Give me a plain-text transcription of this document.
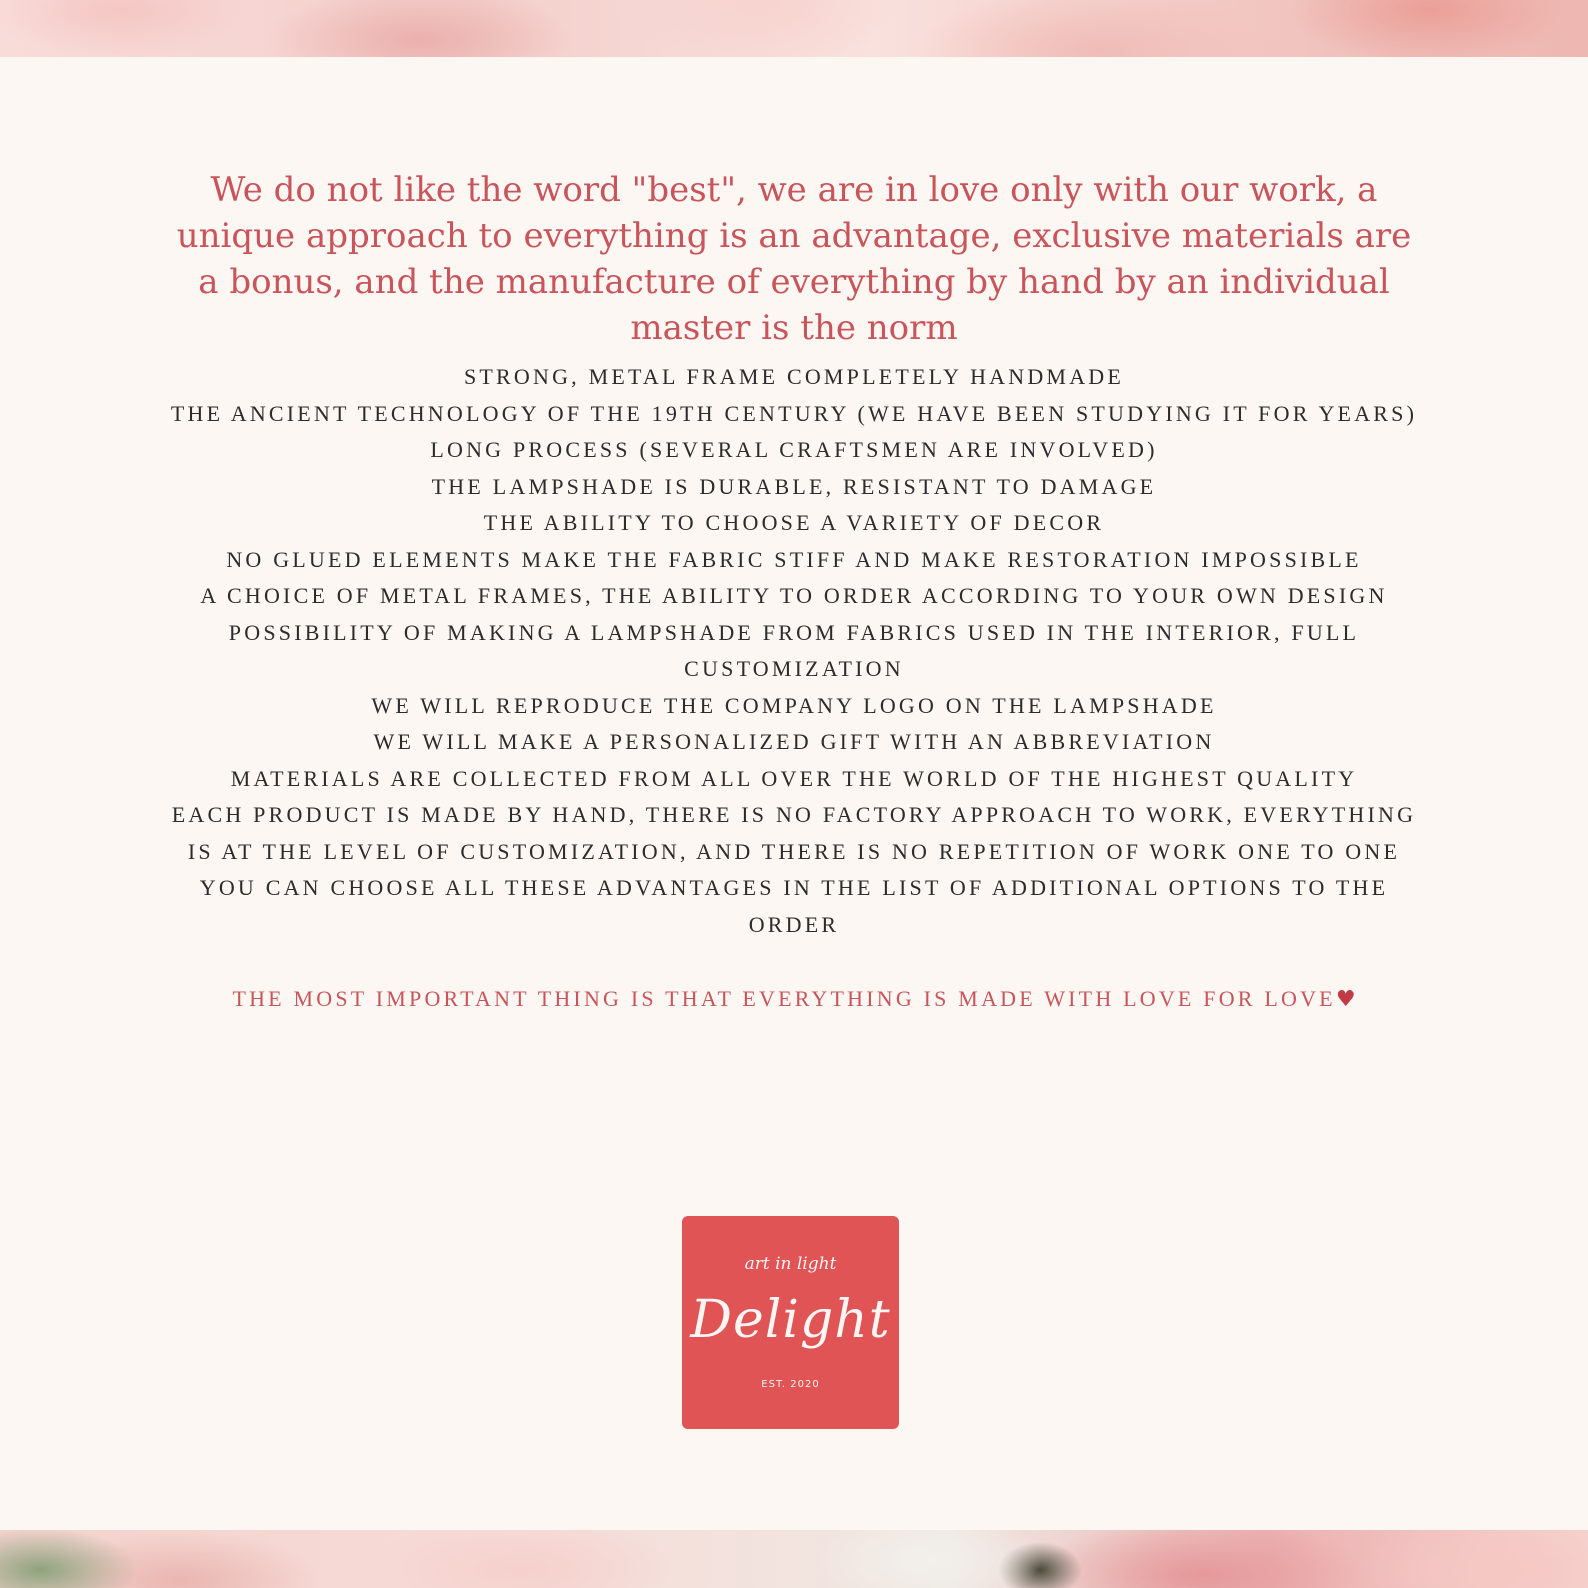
We do not like the word "best", we are in love only with our work, a unique approach to everything is an advantage, exclusive materials are a bonus, and the manufacture of everything by hand by an individual master is the norm
STRONG, METAL FRAME COMPLETELY HANDMADE
THE ANCIENT TECHNOLOGY OF THE 19TH CENTURY (WE HAVE BEEN STUDYING IT FOR YEARS)
LONG PROCESS (SEVERAL CRAFTSMEN ARE INVOLVED)
THE LAMPSHADE IS DURABLE, RESISTANT TO DAMAGE
THE ABILITY TO CHOOSE A VARIETY OF DECOR
NO GLUED ELEMENTS MAKE THE FABRIC STIFF AND MAKE RESTORATION IMPOSSIBLE
A CHOICE OF METAL FRAMES, THE ABILITY TO ORDER ACCORDING TO YOUR OWN DESIGN
POSSIBILITY OF MAKING A LAMPSHADE FROM FABRICS USED IN THE INTERIOR, FULL CUSTOMIZATION
WE WILL REPRODUCE THE COMPANY LOGO ON THE LAMPSHADE
WE WILL MAKE A PERSONALIZED GIFT WITH AN ABBREVIATION
MATERIALS ARE COLLECTED FROM ALL OVER THE WORLD OF THE HIGHEST QUALITY
EACH PRODUCT IS MADE BY HAND, THERE IS NO FACTORY APPROACH TO WORK, EVERYTHING IS AT THE LEVEL OF CUSTOMIZATION, AND THERE IS NO REPETITION OF WORK ONE TO ONE
YOU CAN CHOOSE ALL THESE ADVANTAGES IN THE LIST OF ADDITIONAL OPTIONS TO THE ORDER

THE MOST IMPORTANT THING IS THAT EVERYTHING IS MADE WITH LOVE FOR LOVE♥

art in light
Delight
EST. 2020
